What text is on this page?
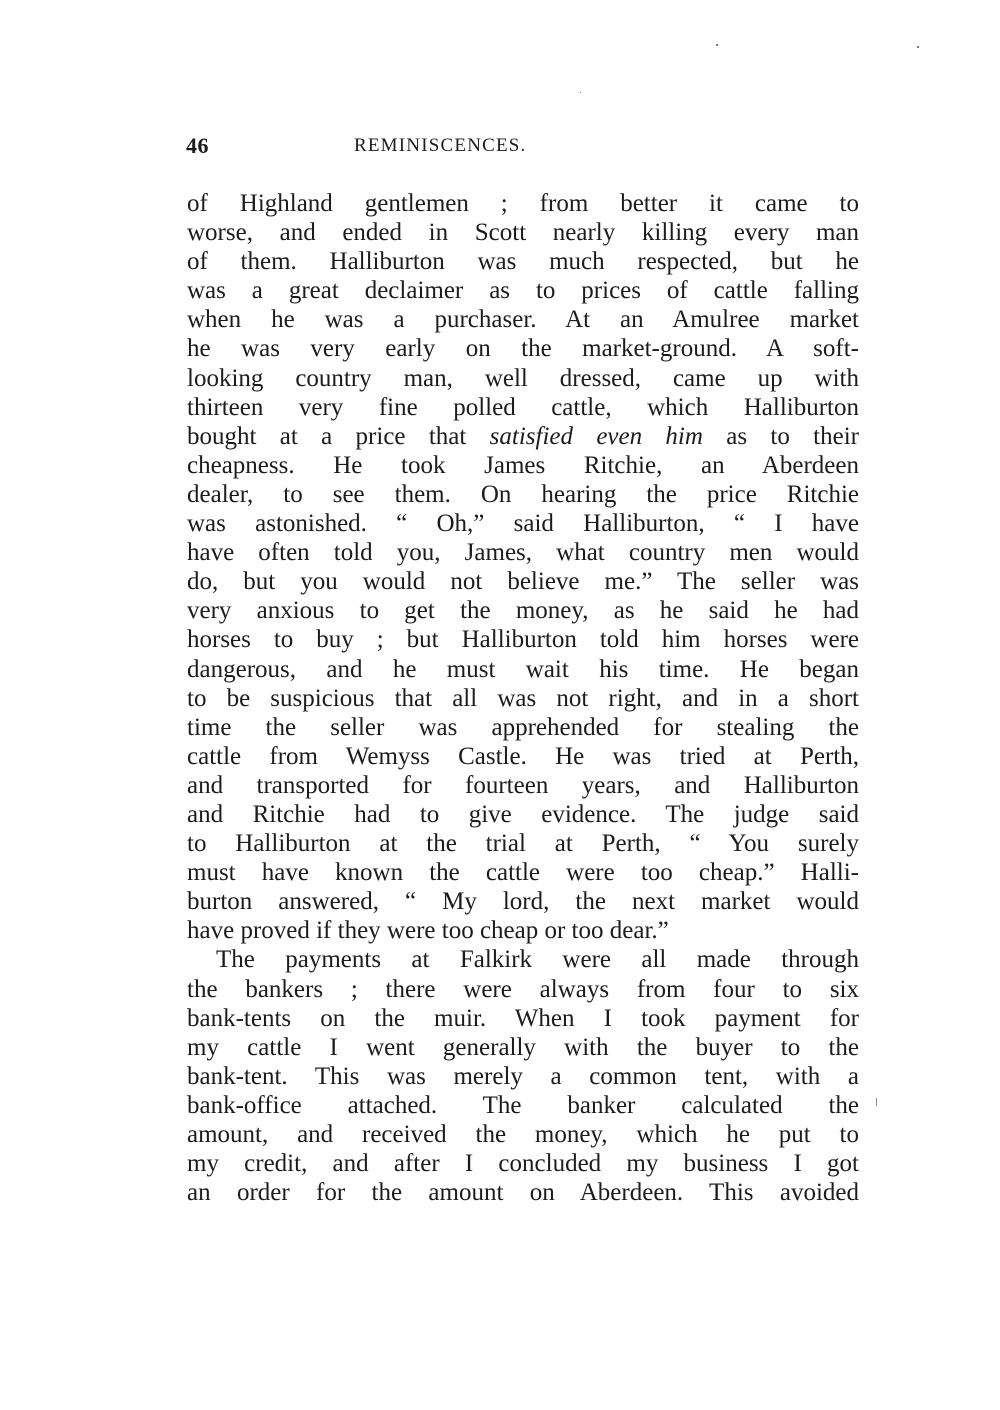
46	REMINISCENCES.
of Highland gentlemen ; from better it came to
worse, and ended in Scott nearly killing every man
of them. Halliburton was much respected, but he
was a great declaimer as to prices of cattle falling
when he was a purchaser. At an Amulree market
he was very early on the market-ground. A soft-
looking country man, well dressed, came up with
thirteen very fine polled cattle, which Halliburton
bought at a price that satisfied even him as to their
cheapness. He took James Ritchie, an Aberdeen
dealer, to see them. On hearing the price Ritchie
was astonished. “ Oh,” said Halliburton, “ I have
have often told you, James, what country men would
do, but you would not believe me.” The seller was
very anxious to get the money, as he said he had
horses to buy ; but Halliburton told him horses were
dangerous, and he must wait his time. He began
to be suspicious that all was not right, and in a short
time the seller was apprehended for stealing the
cattle from Wemyss Castle. He was tried at Perth,
and transported for fourteen years, and Halliburton
and Ritchie had to give evidence. The judge said
to Halliburton at the trial at Perth, “ You surely
must have known the cattle were too cheap.” Halli-
burton answered, “ My lord, the next market would
have proved if they were too cheap or too dear.”
The payments at Falkirk were all made through
the bankers ; there were always from four to six
bank-tents on the muir. When I took payment for
my cattle I went generally with the buyer to the
bank-tent. This was merely a common tent, with a
bank-office attached. The banker calculated the
amount, and received the money, which he put to
my credit, and after I concluded my business I got
an order for the amount on Aberdeen. This avoided
